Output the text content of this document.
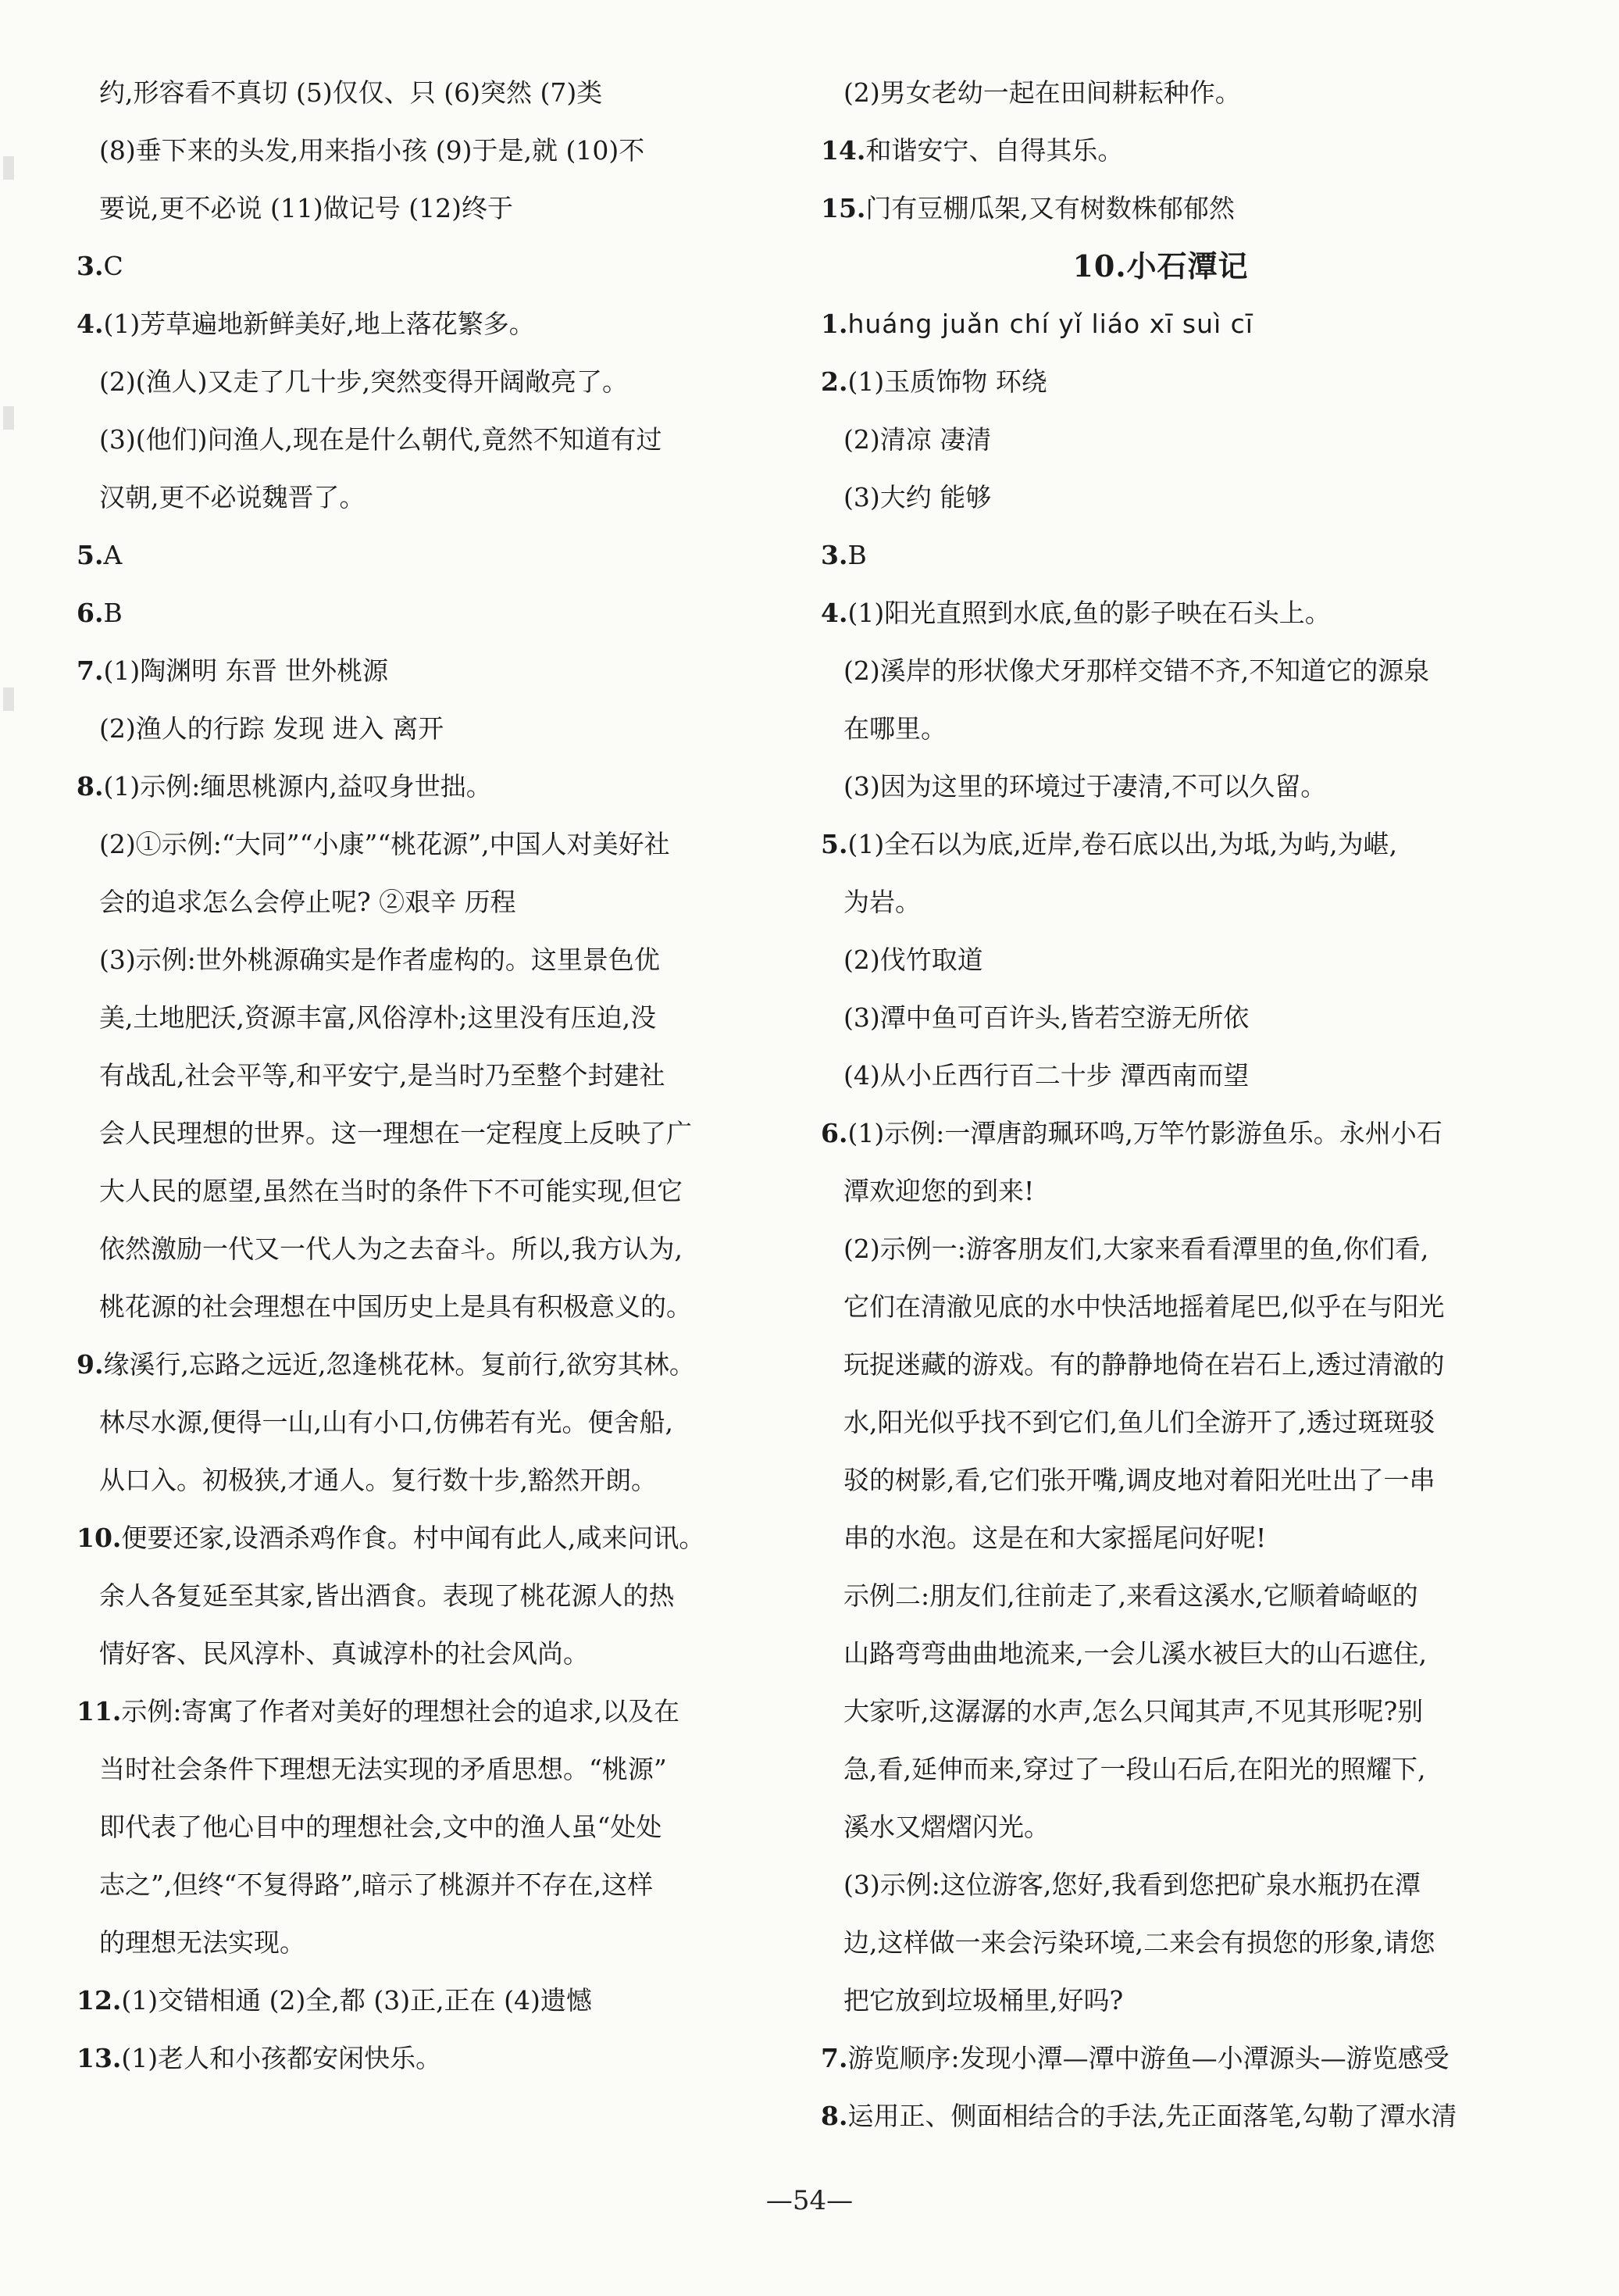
约,形容看不真切 (5)仅仅、只 (6)突然 (7)类
(8)垂下来的头发,用来指小孩 (9)于是,就 (10)不
要说,更不必说 (11)做记号 (12)终于
3.C
4.(1)芳草遍地新鲜美好,地上落花繁多。
(2)(渔人)又走了几十步,突然变得开阔敞亮了。
(3)(他们)问渔人,现在是什么朝代,竟然不知道有过
汉朝,更不必说魏晋了。
5.A
6.B
7.(1)陶渊明 东晋 世外桃源
(2)渔人的行踪 发现 进入 离开
8.(1)示例:缅思桃源内,益叹身世拙。
(2)①示例:“大同”“小康”“桃花源”,中国人对美好社
会的追求怎么会停止呢? ②艰辛 历程
(3)示例:世外桃源确实是作者虚构的。这里景色优
美,土地肥沃,资源丰富,风俗淳朴;这里没有压迫,没
有战乱,社会平等,和平安宁,是当时乃至整个封建社
会人民理想的世界。这一理想在一定程度上反映了广
大人民的愿望,虽然在当时的条件下不可能实现,但它
依然激励一代又一代人为之去奋斗。所以,我方认为,
桃花源的社会理想在中国历史上是具有积极意义的。
9.缘溪行,忘路之远近,忽逢桃花林。复前行,欲穷其林。
林尽水源,便得一山,山有小口,仿佛若有光。便舍船,
从口入。初极狭,才通人。复行数十步,豁然开朗。
10.便要还家,设酒杀鸡作食。村中闻有此人,咸来问讯。
余人各复延至其家,皆出酒食。表现了桃花源人的热
情好客、民风淳朴、真诚淳朴的社会风尚。
11.示例:寄寓了作者对美好的理想社会的追求,以及在
当时社会条件下理想无法实现的矛盾思想。“桃源”
即代表了他心目中的理想社会,文中的渔人虽“处处
志之”,但终“不复得路”,暗示了桃源并不存在,这样
的理想无法实现。
12.(1)交错相通 (2)全,都 (3)正,正在 (4)遗憾
13.(1)老人和小孩都安闲快乐。
(2)男女老幼一起在田间耕耘种作。
14.和谐安宁、自得其乐。
15.门有豆棚瓜架,又有树数株郁郁然
10.小石潭记
1.huáng juǎn chí yǐ liáo xī suì cī
2.(1)玉质饰物 环绕
(2)清凉 凄清
(3)大约 能够
3.B
4.(1)阳光直照到水底,鱼的影子映在石头上。
(2)溪岸的形状像犬牙那样交错不齐,不知道它的源泉
在哪里。
(3)因为这里的环境过于凄清,不可以久留。
5.(1)全石以为底,近岸,卷石底以出,为坻,为屿,为嵁,
为岩。
(2)伐竹取道
(3)潭中鱼可百许头,皆若空游无所依
(4)从小丘西行百二十步 潭西南而望
6.(1)示例:一潭唐韵珮环鸣,万竿竹影游鱼乐。永州小石
潭欢迎您的到来!
(2)示例一:游客朋友们,大家来看看潭里的鱼,你们看,
它们在清澈见底的水中快活地摇着尾巴,似乎在与阳光
玩捉迷藏的游戏。有的静静地倚在岩石上,透过清澈的
水,阳光似乎找不到它们,鱼儿们全游开了,透过斑斑驳
驳的树影,看,它们张开嘴,调皮地对着阳光吐出了一串
串的水泡。这是在和大家摇尾问好呢!
示例二:朋友们,往前走了,来看这溪水,它顺着崎岖的
山路弯弯曲曲地流来,一会儿溪水被巨大的山石遮住,
大家听,这潺潺的水声,怎么只闻其声,不见其形呢?别
急,看,延伸而来,穿过了一段山石后,在阳光的照耀下,
溪水又熠熠闪光。
(3)示例:这位游客,您好,我看到您把矿泉水瓶扔在潭
边,这样做一来会污染环境,二来会有损您的形象,请您
把它放到垃圾桶里,好吗?
7.游览顺序:发现小潭—潭中游鱼—小潭源头—游览感受
8.运用正、侧面相结合的手法,先正面落笔,勾勒了潭水清
—54—
